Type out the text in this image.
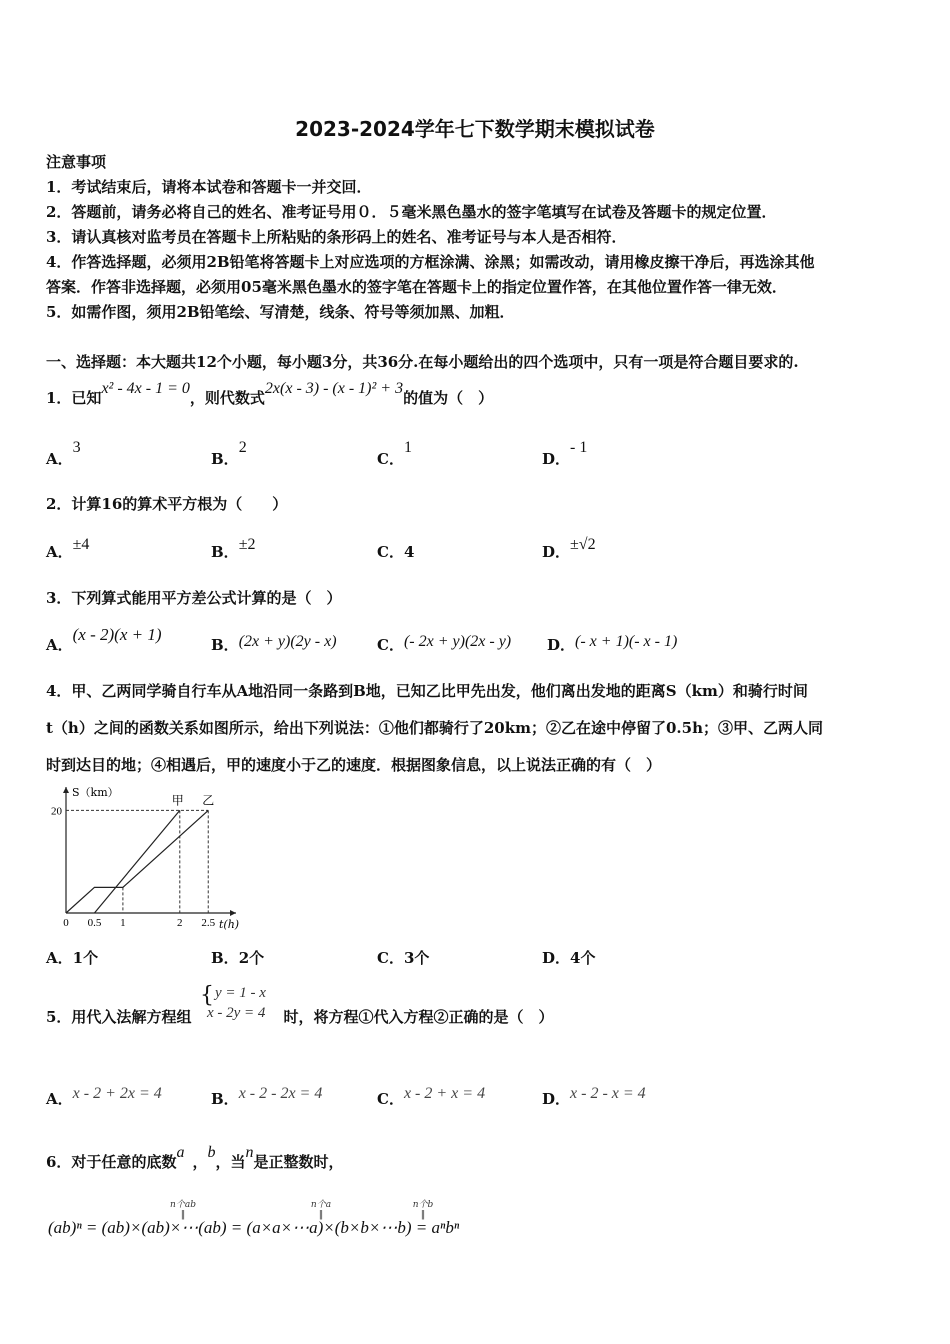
2023-2024学年七下数学期末模拟试卷
注意事项
1．考试结束后，请将本试卷和答题卡一并交回．
2．答题前，请务必将自己的姓名、准考证号用０．５毫米黑色墨水的签字笔填写在试卷及答题卡的规定位置．
3．请认真核对监考员在答题卡上所粘贴的条形码上的姓名、准考证号与本人是否相符．
4．作答选择题，必须用2B铅笔将答题卡上对应选项的方框涂满、涂黑；如需改动，请用橡皮擦干净后，再选涂其他
答案．作答非选择题，必须用05毫米黑色墨水的签字笔在答题卡上的指定位置作答，在其他位置作答一律无效．
5．如需作图，须用2B铅笔绘、写清楚，线条、符号等须加黑、加粗．
一、选择题：本大题共12个小题，每小题3分，共36分.在每小题给出的四个选项中，只有一项是符合题目要求的.
1．已知x² - 4x - 1 = 0，则代数式2x(x - 3) - (x - 1)² + 3的值为（　）
A．3
B．2
C．1
D．- 1
2．计算16的算术平方根为（　　）
A．±4	B．±2	C．4	D．±√2
3．下列算式能用平方差公式计算的是（　）
A．(x - 2)(x + 1)
B．(2x + y)(2y - x)	C．(- 2x + y)(2x - y) D．(- x + 1)(- x - 1)
4．甲、乙两同学骑自行车从A地沿同一条路到B地，已知乙比甲先出发，他们离出发地的距离S（km）和骑行时间
t（h）之间的函数关系如图所示，给出下列说法：①他们都骑行了20km；②乙在途中停留了0.5h；③甲、乙两人同
时到达目的地；④相遇后，甲的速度小于乙的速度．根据图象信息，以上说法正确的有（　）
S（km）
t(h)
0 0.5 1	2 2.5
20
甲 乙
A．1个	B．2个	C．3个	D．4个
5．用代入法解方程组	时，将方程①代入方程②正确的是（　）
{ y = 1 - x
x - 2y = 4
A．x - 2 + 2x = 4	B．x - 2 - 2x = 4	C．x - 2 + x = 4	D．x - 2 - x = 4
6．对于任意的底数a，b，当n是正整数时，
n个ab
‖
n个a
‖
n个b
‖
(ab)ⁿ = (ab)×(ab)×⋯(ab) = (a×a×⋯a)×(b×b×⋯b) = aⁿbⁿ
